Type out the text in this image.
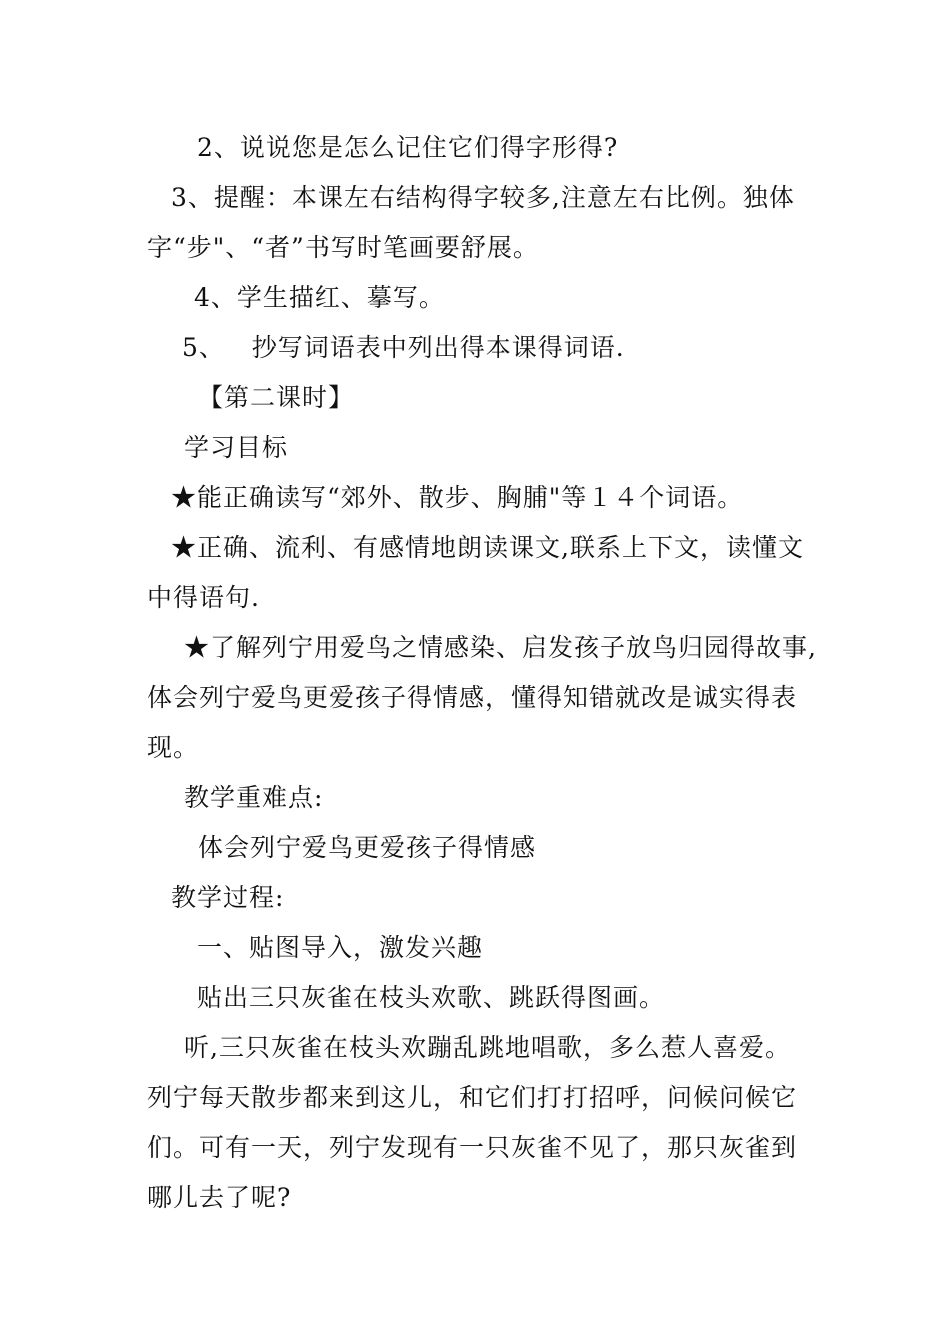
2、说说您是怎么记住它们得字形得?
3、提醒：本课左右结构得字较多,注意左右比例。独体
字“步"、“者”书写时笔画要舒展。
4、学生描红、摹写。
5、   抄写词语表中列出得本课得词语.
【第二课时】
学习目标
★能正确读写“郊外、散步、胸脯"等１４个词语。
★正确、流利、有感情地朗读课文,联系上下文，读懂文
中得语句.
★了解列宁用爱鸟之情感染、启发孩子放鸟归园得故事,
体会列宁爱鸟更爱孩子得情感，懂得知错就改是诚实得表
现。
教学重难点:
体会列宁爱鸟更爱孩子得情感
教学过程:
一、贴图导入，激发兴趣
贴出三只灰雀在枝头欢歌、跳跃得图画。
听,三只灰雀在枝头欢蹦乱跳地唱歌，多么惹人喜爱。
列宁每天散步都来到这儿，和它们打打招呼，问候问候它
们。可有一天，列宁发现有一只灰雀不见了，那只灰雀到
哪儿去了呢?
